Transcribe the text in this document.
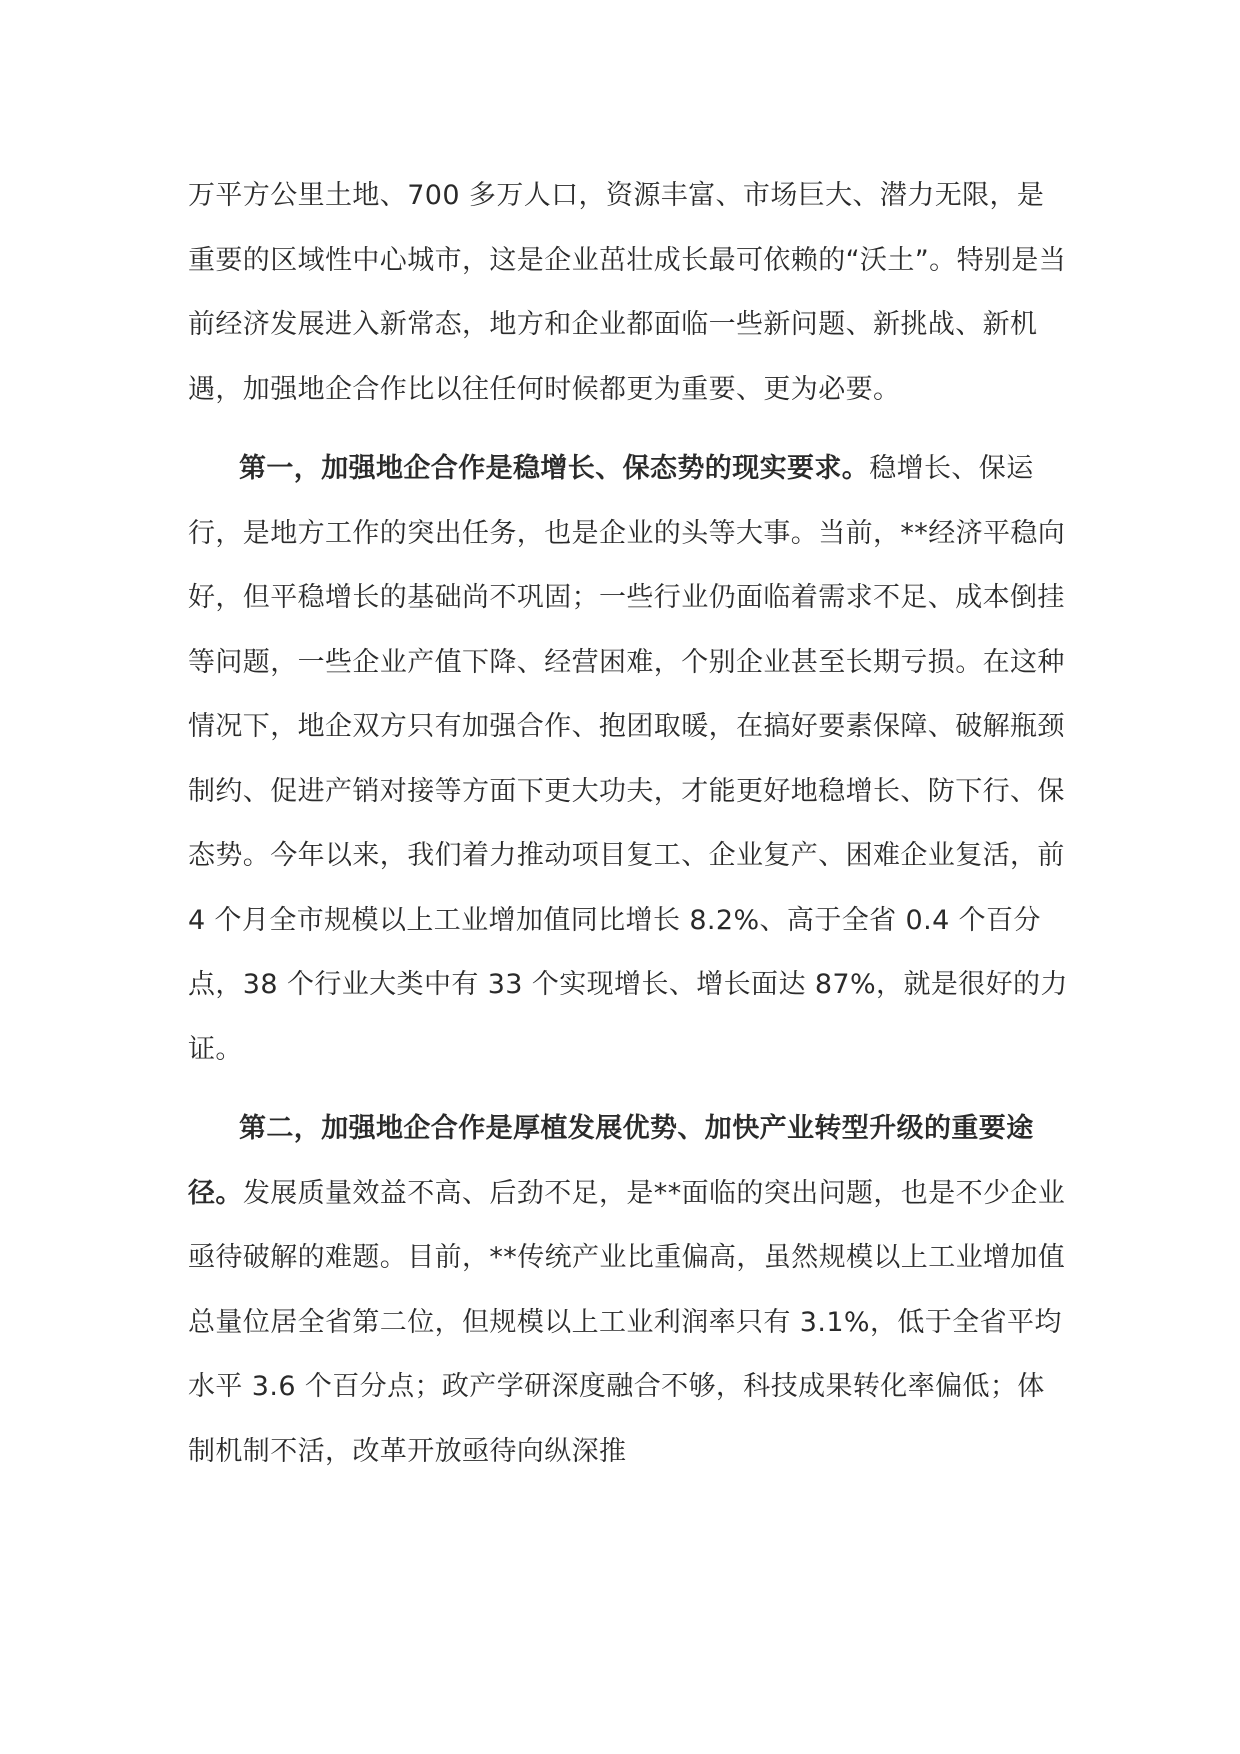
万平方公里土地、700 多万人口，资源丰富、市场巨大、潜力无限，是重要的区域性中心城市，这是企业茁壮成长最可依赖的“沃土”。特别是当前经济发展进入新常态，地方和企业都面临一些新问题、新挑战、新机遇，加强地企合作比以往任何时候都更为重要、更为必要。

第一，加强地企合作是稳增长、保态势的现实要求。稳增长、保运行，是地方工作的突出任务，也是企业的头等大事。当前，**经济平稳向好，但平稳增长的基础尚不巩固；一些行业仍面临着需求不足、成本倒挂等问题，一些企业产值下降、经营困难，个别企业甚至长期亏损。在这种情况下，地企双方只有加强合作、抱团取暖，在搞好要素保障、破解瓶颈制约、促进产销对接等方面下更大功夫，才能更好地稳增长、防下行、保态势。今年以来，我们着力推动项目复工、企业复产、困难企业复活，前 4 个月全市规模以上工业增加值同比增长 8.2%、高于全省 0.4 个百分点，38 个行业大类中有 33 个实现增长、增长面达 87%，就是很好的力证。

第二，加强地企合作是厚植发展优势、加快产业转型升级的重要途径。发展质量效益不高、后劲不足，是**面临的突出问题，也是不少企业亟待破解的难题。目前，**传统产业比重偏高，虽然规模以上工业增加值总量位居全省第二位，但规模以上工业利润率只有 3.1%，低于全省平均水平 3.6 个百分点；政产学研深度融合不够，科技成果转化率偏低；体制机制不活，改革开放亟待向纵深推
